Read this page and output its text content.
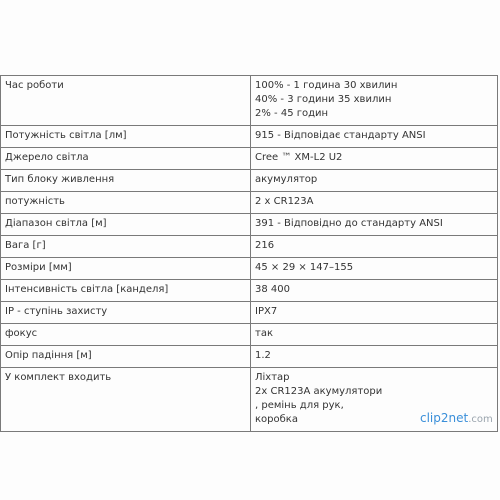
Час роботи	100% - 1 година 30 хвилин
40% - 3 години 35 хвилин
2% - 45 годин

Потужність світла [лм]	915 - Відповідає стандарту ANSI

Джерело світла	Cree ™ XM-L2 U2

Тип блоку живлення	акумулятор

потужність	2 x CR123A

Діапазон світла [м]	391 - Відповідно до стандарту ANSI

Вага [г]	216

Розміри [мм]	45 × 29 × 147–155

Інтенсивність світла [канделя]	38 400

IP - ступінь захисту	IPX7

фокус	так

Опір падіння [м]	1.2

У комплект входить	Ліхтар
2x CR123A акумулятори
, ремінь для рук,
коробка	clip2net.com
